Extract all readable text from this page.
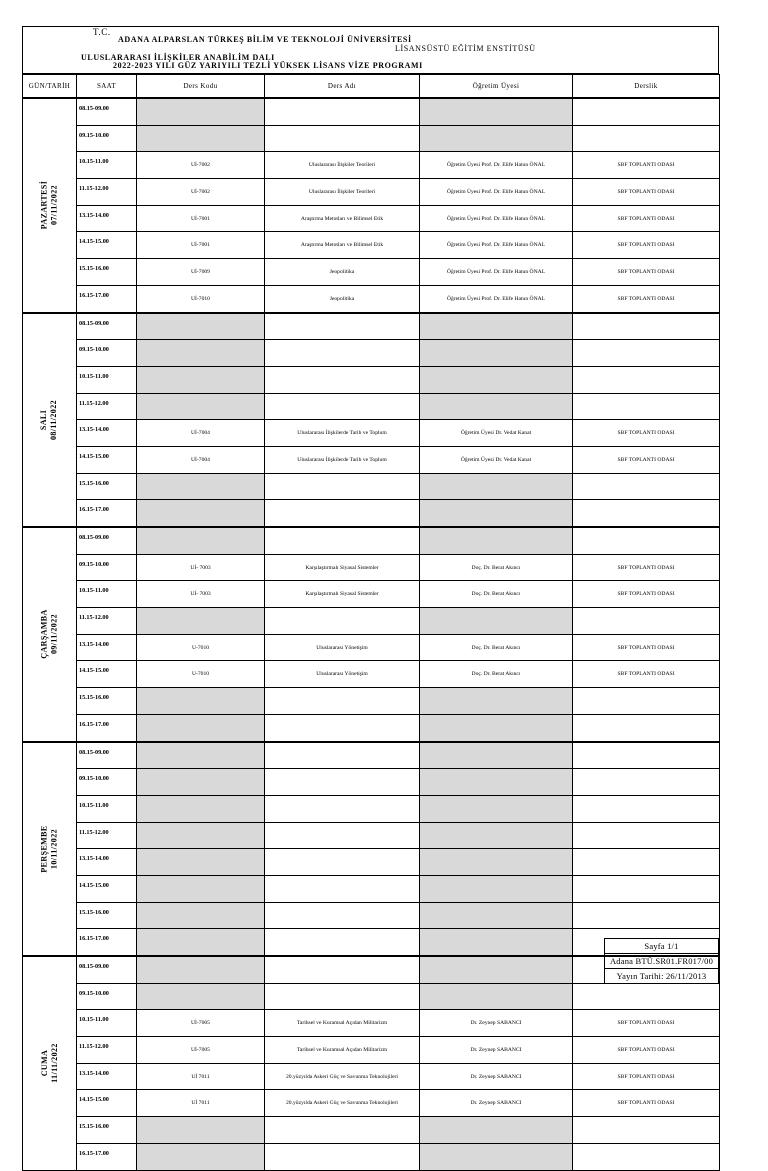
T.C.
ADANA ALPARSLAN TÜRKEŞ BİLİM VE TEKNOLOJİ ÜNİVERSİTESİ
LİSANSÜSTÜ EĞİTİM ENSTİTÜSÜ
ULUSLARARASI İLİŞKİLER ANABİLİM DALI
2022-2023 YILI GÜZ YARIYILI TEZLİ YÜKSEK LİSANS VİZE PROGRAMI
GÜN/TARİH	SAAT	Ders Kodu	Ders Adı	Öğretim Üyesi	Derslik

PAZARTESİ 07/11/2022	08.15-09.00				
	09.15-10.00				
	10.15-11.00	Uİ-7002	Uluslararası İlişkiler Teorileri	Öğretim Üyesi Prof. Dr. Elife Hatun ÖNAL	SBF TOPLANTI ODASI
	11.15-12.00	Uİ-7002	Uluslararası İlişkiler Teorileri	Öğretim Üyesi Prof. Dr. Elife Hatun ÖNAL	SBF TOPLANTI ODASI
	13.15-14.00	Uİ-7001	Araştırma Metotları ve Bilimsel Etik	Öğretim Üyesi Prof. Dr. Elife Hatun ÖNAL	SBF TOPLANTI ODASI
	14.15-15.00	Uİ-7001	Araştırma Metotları ve Bilimsel Etik	Öğretim Üyesi Prof. Dr. Elife Hatun ÖNAL	SBF TOPLANTI ODASI
	15.15-16.00	Uİ-7009	Jeopolitika	Öğretim Üyesi Prof. Dr. Elife Hatun ÖNAL	SBF TOPLANTI ODASI
	16.15-17.00	Uİ-7010	Jeopolitika	Öğretim Üyesi Prof. Dr. Elife Hatun ÖNAL	SBF TOPLANTI ODASI

SALI 08/11/2022	08.15-09.00				
	09.15-10.00				
	10.15-11.00				
	11.15-12.00				
	13.15-14.00	Uİ-7004	Uluslararası İlişkilerde Tarih ve Toplum	Öğretim Üyesi Dr. Vedat Kanat	SBF TOPLANTI ODASI
	14.15-15.00	Uİ-7004	Uluslararası İlişkilerde Tarih ve Toplum	Öğretim Üyesi Dr. Vedat Kanat	SBF TOPLANTI ODASI
	15.15-16.00				
	16.15-17.00				

ÇARŞAMBA 09/11/2022	08.15-09.00				
	09.15-10.00	Uİ- 7003	Karşılaştırmalı Siyasal Sistemler	Doç. Dr. Berat Akıncı	SBF TOPLANTI ODASI
	10.15-11.00	Uİ- 7003	Karşılaştırmalı Siyasal Sistemler	Doç. Dr. Berat Akıncı	SBF TOPLANTI ODASI
	11.15-12.00				
	13.15-14.00	U-7010	Uluslararası Yönetişim	Doç. Dr. Berat Akıncı	SBF TOPLANTI ODASI
	14.15-15.00	U-7010	Uluslararası Yönetişim	Doç. Dr. Berat Akıncı	SBF TOPLANTI ODASI
	15.15-16.00				
	16.15-17.00				

PERŞEMBE 10/11/2022	08.15-09.00				
	09.15-10.00				
	10.15-11.00				
	11.15-12.00				
	13.15-14.00				
	14.15-15.00				
	15.15-16.00				
	16.15-17.00				

CUMA 11/11/2022	08.15-09.00				
	09.15-10.00				
	10.15-11.00	Uİ-7005	Tarihsel ve Kuramsal Açıdan Militarizm	Dr. Zeynep SABANCI	SBF TOPLANTI ODASI
	11.15-12.00	Uİ-7005	Tarihsel ve Kuramsal Açıdan Militarizm	Dr. Zeynep SABANCI	SBF TOPLANTI ODASI
	13.15-14.00	Uİ 7011	20.yüzyılda Askeri Güç ve Savunma Teknolojileri	Dr. Zeynep SABANCI	SBF TOPLANTI ODASI
	14.15-15.00	Uİ 7011	20.yüzyılda Askeri Güç ve Savunma Teknolojileri	Dr. Zeynep SABANCI	SBF TOPLANTI ODASI
	15.15-16.00				
	16.15-17.00				
Sayfa 1/1
Adana BTÜ.SR01.FR017/00
Yayın Tarihi: 26/11/2013
